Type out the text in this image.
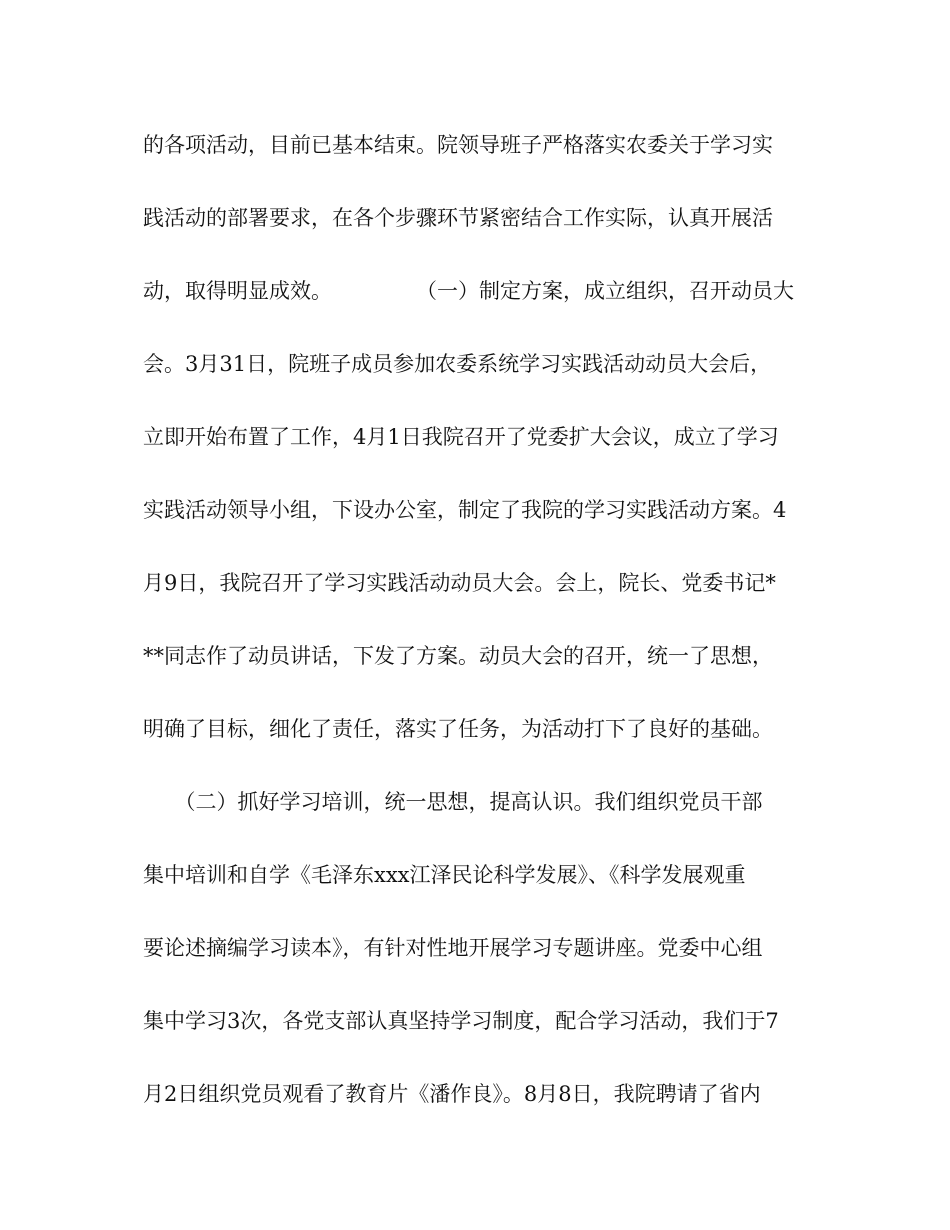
的各项活动，目前已基本结束。院领导班子严格落实农委关于学习实
践活动的部署要求，在各个步骤环节紧密结合工作实际，认真开展活
动，取得明显成效。　　　　　（一）制定方案，成立组织，召开动员大
会。3月31日，院班子成员参加农委系统学习实践活动动员大会后，
立即开始布置了工作，4月1日我院召开了党委扩大会议，成立了学习
实践活动领导小组，下设办公室，制定了我院的学习实践活动方案。4
月9日，我院召开了学习实践活动动员大会。会上，院长、党委书记*
**同志作了动员讲话，下发了方案。动员大会的召开，统一了思想，
明确了目标，细化了责任，落实了任务，为活动打下了良好的基础。
　　（二）抓好学习培训，统一思想，提高认识。我们组织党员干部
集中培训和自学《毛泽东xxx江泽民论科学发展》、《科学发展观重
要论述摘编学习读本》，有针对性地开展学习专题讲座。党委中心组
集中学习3次，各党支部认真坚持学习制度，配合学习活动，我们于7
月2日组织党员观看了教育片《潘作良》。8月8日，我院聘请了省内
